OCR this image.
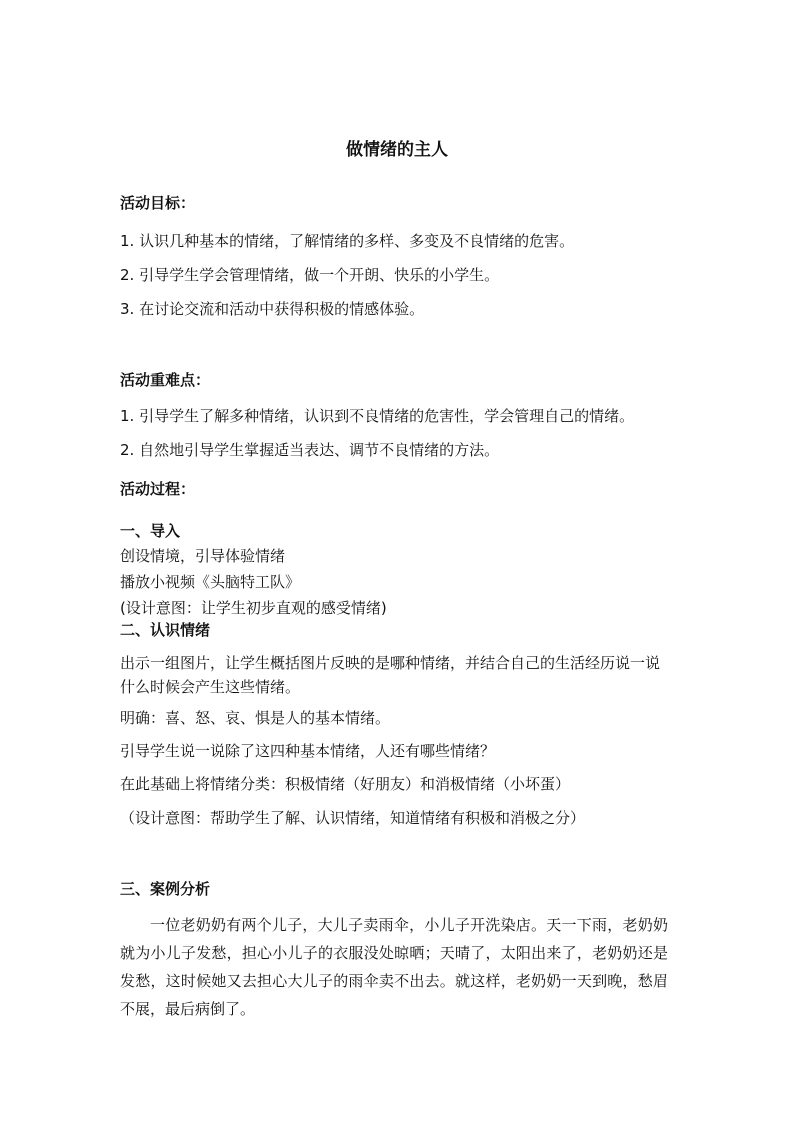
做情绪的主人
活动目标：
1. 认识几种基本的情绪，了解情绪的多样、多变及不良情绪的危害。
2. 引导学生学会管理情绪，做一个开朗、快乐的小学生。
3. 在讨论交流和活动中获得积极的情感体验。
活动重难点：
1. 引导学生了解多种情绪，认识到不良情绪的危害性，学会管理自己的情绪。
2. 自然地引导学生掌握适当表达、调节不良情绪的方法。
活动过程：
一、导入
创设情境，引导体验情绪
播放小视频《头脑特工队》
(设计意图：让学生初步直观的感受情绪)
二、认识情绪
出示一组图片，让学生概括图片反映的是哪种情绪，并结合自己的生活经历说一说什么时候会产生这些情绪。
明确：喜、怒、哀、惧是人的基本情绪。
引导学生说一说除了这四种基本情绪，人还有哪些情绪？
在此基础上将情绪分类：积极情绪（好朋友）和消极情绪（小坏蛋）
（设计意图：帮助学生了解、认识情绪，知道情绪有积极和消极之分）
三、案例分析
一位老奶奶有两个儿子，大儿子卖雨伞，小儿子开洗染店。天一下雨，老奶奶就为小儿子发愁，担心小儿子的衣服没处晾晒；天晴了，太阳出来了，老奶奶还是发愁，这时候她又去担心大儿子的雨伞卖不出去。就这样，老奶奶一天到晚，愁眉不展，最后病倒了。
